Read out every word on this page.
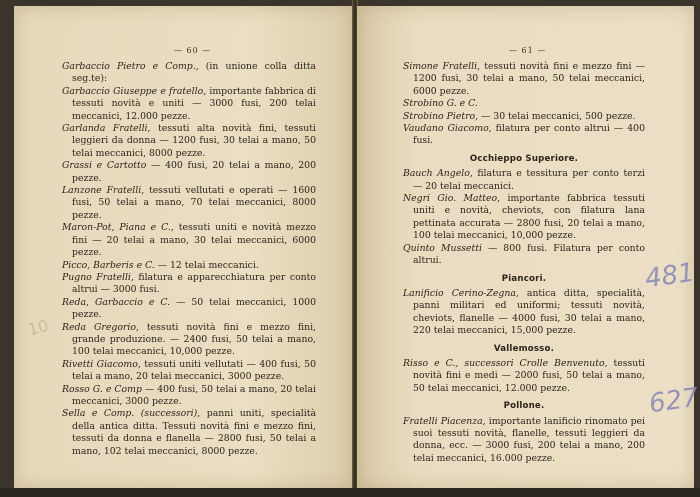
— 60 —

Garbaccio Pietro e Comp., (in unione colla ditta seg.te):

Garbaccio Giuseppe e fratello, importante fabbrica di tessuti novità e uniti — 3000 fusi, 200 telai meccanici, 12.000 pezze.

Garlanda Fratelli, tessuti alta novità fini, tessuti leggieri da donna — 1200 fusi, 30 telai a mano, 50 telai meccanici, 8000 pezze.

Grassi e Cartotto — 400 fusi, 20 telai a mano, 200 pezze.

Lanzone Fratelli, tessuti vellutati e operati — 1600 fusi, 50 telai a mano, 70 telai meccanici, 8000 pezze.

Maron-Pot, Piana e C., tessuti uniti e novità mezzo fini — 20 telai a mano, 30 telai meccanici, 6000 pezze.

Picco, Barberis e C. — 12 telai meccanici.

Pugno Fratelli, filatura e apparecchiatura per conto altrui — 3000 fusi.

Reda, Garbaccio e C. — 50 telai meccanici, 1000 pezze.

Reda Gregorio, tessuti novità fini e mezzo fini, grande produzione. — 2400 fusi, 50 telai a mano, 100 telai meccanici, 10,000 pezze.

Rivetti Giacomo, tessuti uniti vellutati — 400 fusi, 50 telai a mano, 20 telai meccanici, 3000 pezze.

Rosso G. e Comp — 400 fusi, 50 telai a mano, 20 telai meccanici, 3000 pezze.

Sella e Comp. (successori), panni uniti, specialità della antica ditta. Tessuti novità fini e mezzo fini, tessuti da donna e flanella — 2800 fusi, 50 telai a mano, 102 telai meccanici, 8000 pezze.

10
— 61 —

Simone Fratelli, tessuti novità fini e mezzo fini — 1200 fusi, 30 telai a mano, 50 telai meccanici, 6000 pezze.

Strobino G. e C.

Strobino Pietro, — 30 telai meccanici, 500 pezze.

Vaudano Giacomo, filatura per conto altrui — 400 fusi.

Occhieppo Superiore.

Bauch Angelo, filatura e tessitura per conto terzi — 20 telai meccanici.

Negri Gio. Matteo, importante fabbrica tessuti uniti e novità, cheviots, con filatura lana pettinata accurata — 2800 fusi, 20 telai a mano, 100 telai meccanici, 10,000 pezze.

Quinto Mussetti — 800 fusi. Filatura per conto altrui.

Piancori.

Lanificio Cerino-Zegna, antica ditta, specialità, panni militari ed uniformi; tessuti novità, cheviots, flanelle — 4000 fusi, 30 telai a mano, 220 telai meccanici, 15,000 pezze.

Vallemosso.

Risso e C., successori Crolle Benvenuto, tessuti novità fini e medi — 2000 fusi, 50 telai a mano, 50 telai meccanici, 12.000 pezze.

Pollone.

Fratelli Piacenza, importante lanificio rinomato pei suoi tessuti novità, flanelle, tessuti leggieri da donna, ecc. — 3000 fusi, 200 telai a mano, 200 telai meccanici, 16.000 pezze.

481
627
